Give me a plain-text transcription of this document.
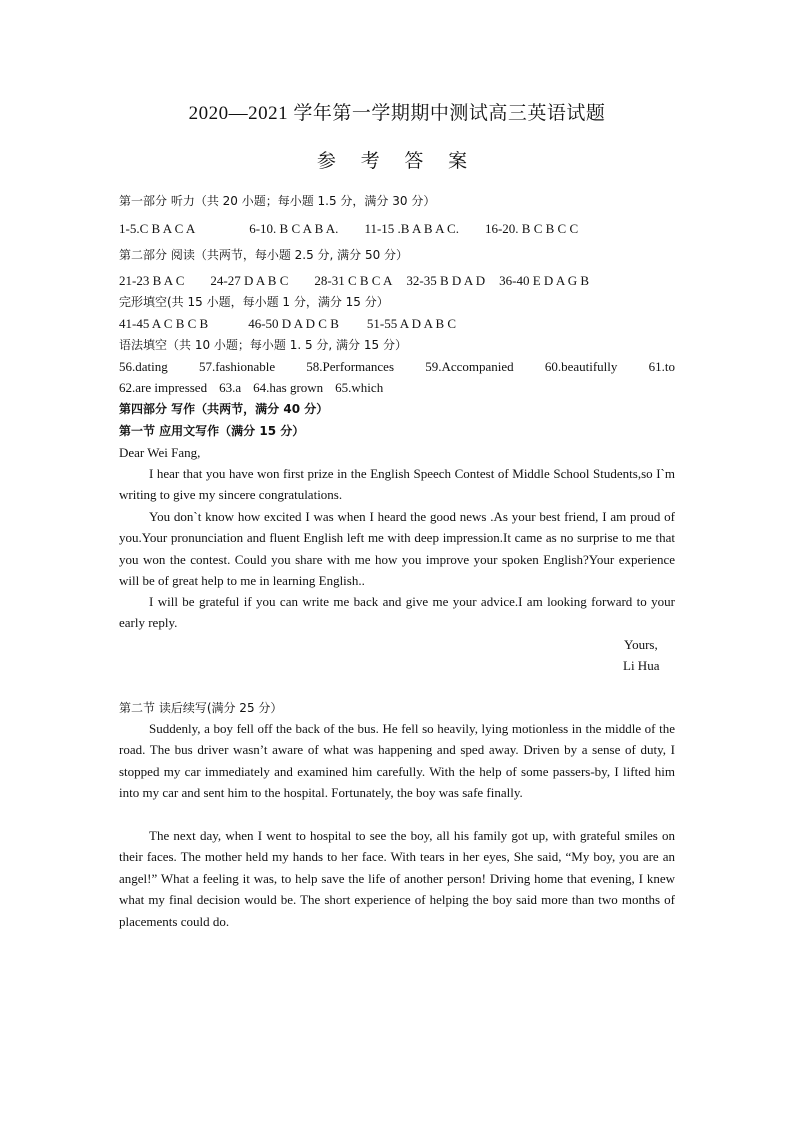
2020—2021 学年第一学期期中测试高三英语试题
参 考 答 案
第一部分 听力（共 20 小题；每小题 1.5 分，满分 30 分）
1-5.C B A C A	6-10. B C A B A. 11-15 .B A B A C. 16-20. B C B C C
第二部分 阅读（共两节，每小题 2.5 分, 满分 50 分）
21-23 B A C 24-27 D A B C 28-31 C B C A 32-35 B D A D 36-40 E D A G B
完形填空(共 15 小题，每小题 1 分，满分 15 分）
41-45 A C B C B	46-50 D A D C B 51-55 A D A B C
语法填空（共 10 小题；每小题 1. 5 分, 满分 15 分）
56.dating 57.fashionable 58.Performances 59.Accompanied 60.beautifully 61.to
62.are impressed 63.a 64.has grown 65.which
第四部分 写作（共两节，满分 40 分）
第一节 应用文写作（满分 15 分）
Dear Wei Fang,

I hear that you have won first prize in the English Speech Contest of Middle School Students,so I`m writing to give my sincere congratulations.

You don`t know how excited I was when I heard the good news .As your best friend, I am proud of you.Your pronunciation and fluent English left me with deep impression.It came as no surprise to me that you won the contest. Could you share with me how you improve your spoken English?Your experience will be of great help to me in learning English..

I will be grateful if you can write me back and give me your advice.I am looking forward to your early reply.

Yours,
Li Hua
第二节 读后续写(满分 25 分）

Suddenly, a boy fell off the back of the bus. He fell so heavily, lying motionless in the middle of the road. The bus driver wasn’t aware of what was happening and sped away. Driven by a sense of duty, I stopped my car immediately and examined him carefully. With the help of some passers-by, I lifted him into my car and sent him to the hospital. Fortunately, the boy was safe finally.

The next day, when I went to hospital to see the boy, all his family got up, with grateful smiles on their faces. The mother held my hands to her face. With tears in her eyes, She said, “My boy, you are an angel!” What a feeling it was, to help save the life of another person! Driving home that evening, I knew what my final decision would be. The short experience of helping the boy said more than two months of placements could do.
